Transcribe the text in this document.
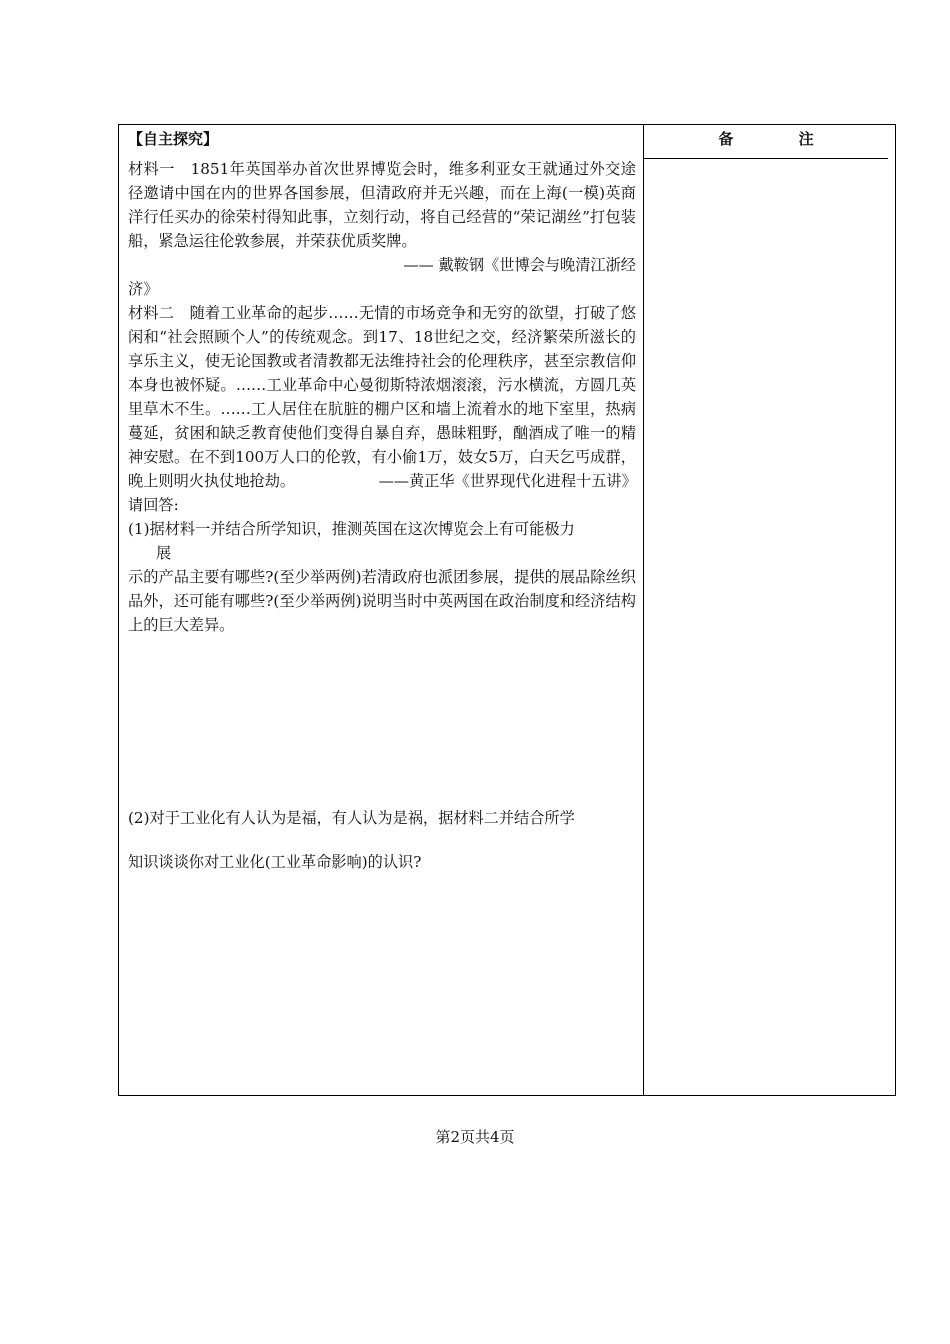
【自主探究】	备 注

材料一　1851年英国举办首次世界博览会时，维多利亚女王就通过外交途径邀请中国在内的世界各国参展，但清政府并无兴趣，而在上海(一模)英商洋行任买办的徐荣村得知此事，立刻行动，将自己经营的“荣记湖丝”打包装船，紧急运往伦敦参展，并荣获优质奖牌。

—— 戴鞍钢《世博会与晚清江浙经

济》

材料二　随着工业革命的起步……无情的市场竞争和无穷的欲望，打破了悠闲和“社会照顾个人”的传统观念。到17、18世纪之交，经济繁荣所滋长的享乐主义，使无论国教或者清教都无法维持社会的伦理秩序，甚至宗教信仰本身也被怀疑。……工业革命中心曼彻斯特浓烟滚滚，污水横流，方圆几英里草木不生。……工人居住在肮脏的棚户区和墙上流着水的地下室里，热病蔓延，贫困和缺乏教育使他们变得自暴自弃，愚昧粗野，酗酒成了唯一的精神安慰。在不到100万人口的伦敦，有小偷1万，妓女5万，白天乞丐成群，晚上则明火执仗地抢劫。　　　　　　——黄正华《世界现代化进程十五讲》

请回答:

(1)据材料一并结合所学知识，推测英国在这次博览会上有可能极力

展

示的产品主要有哪些?(至少举两例)若清政府也派团参展，提供的展品除丝织品外，还可能有哪些?(至少举两例)说明当时中英两国在政治制度和经济结构上的巨大差异。

(2)对于工业化有人认为是福，有人认为是祸，据材料二并结合所学
知识谈谈你对工业化(工业革命影响)的认识?
第2页共4页
